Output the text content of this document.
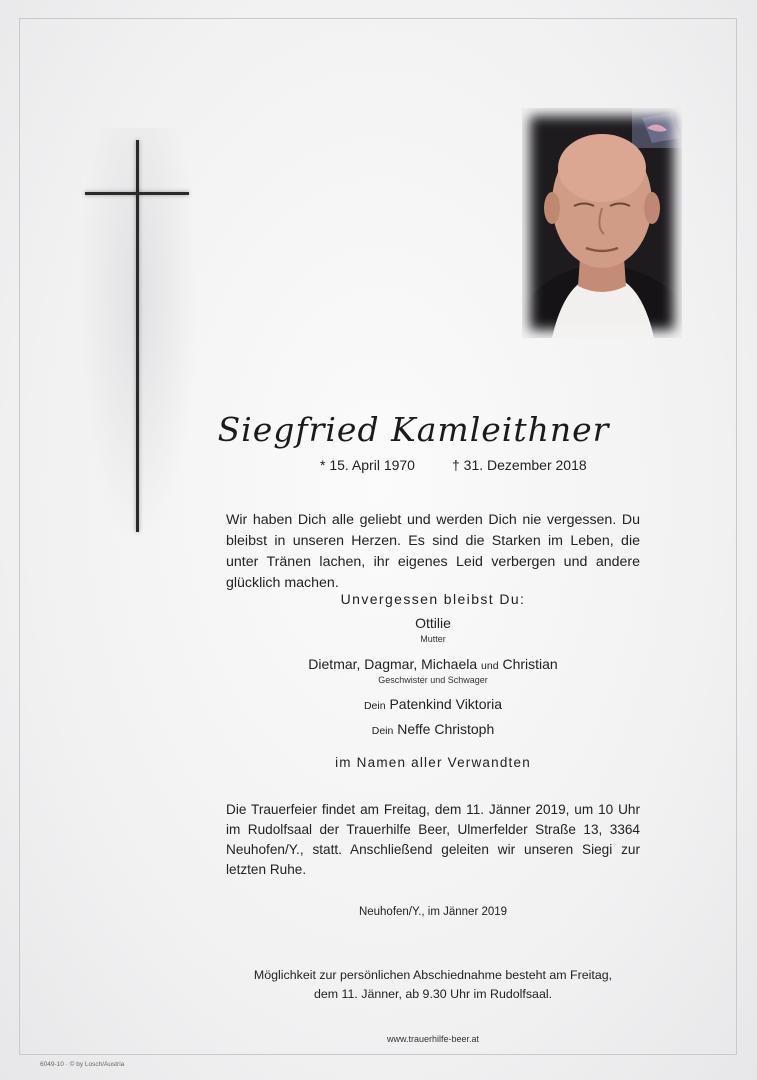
Siegfried Kamleithner
* 15. April 1970	† 31. Dezember 2018
Wir haben Dich alle geliebt und werden Dich nie vergessen. Du bleibst in unseren Herzen. Es sind die Starken im Leben, die unter Tränen lachen, ihr eigenes Leid verbergen und andere glücklich machen.
Unvergessen bleibst Du:
Ottilie
Mutter
Dietmar, Dagmar, Michaela und Christian
Geschwister und Schwager
Dein Patenkind Viktoria
Dein Neffe Christoph
im Namen aller Verwandten
Die Trauerfeier findet am Freitag, dem 11. Jänner 2019, um 10 Uhr im Rudolfsaal der Trauerhilfe Beer, Ulmerfelder Straße 13, 3364 Neuhofen/Y., statt. Anschließend geleiten wir unseren Siegi zur letzten Ruhe.
Neuhofen/Y., im Jänner 2019
Möglichkeit zur persönlichen Abschiednahme besteht am Freitag,
dem 11. Jänner, ab 9.30 Uhr im Rudolfsaal.
www.trauerhilfe-beer.at
6049-10 · © by Losch/Austria
